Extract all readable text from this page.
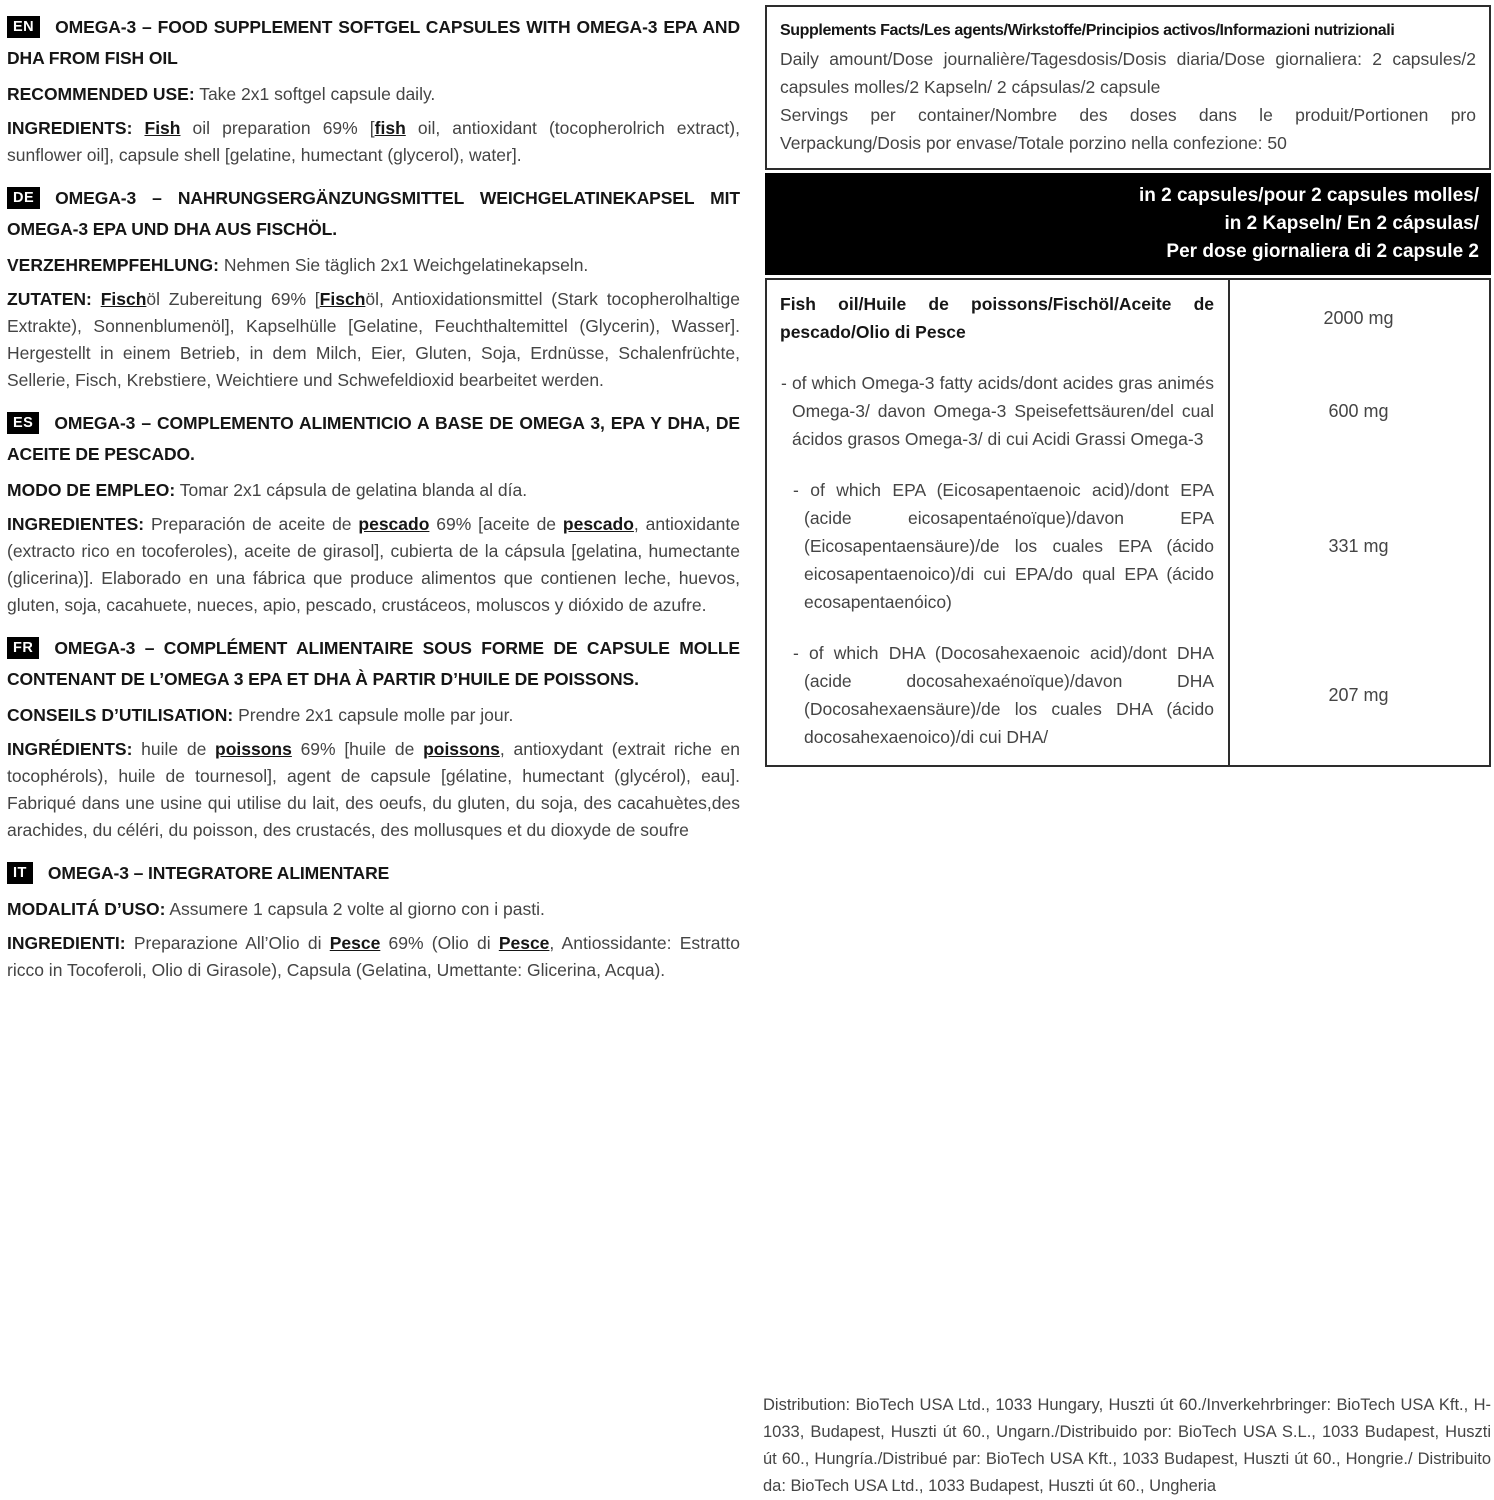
EN OMEGA-3 – FOOD SUPPLEMENT SOFTGEL CAPSULES WITH OMEGA-3 EPA AND DHA FROM FISH OIL
RECOMMENDED USE: Take 2x1 softgel capsule daily.
INGREDIENTS: Fish oil preparation 69% [fish oil, antioxidant (tocopherolrich extract), sunflower oil], capsule shell [gelatine, humectant (glycerol), water].
DE OMEGA-3 – NAHRUNGSERGÄNZUNGSMITTEL WEICHGELATINEKAPSEL MIT OMEGA-3 EPA UND DHA AUS FISCHÖL.
VERZEHREMPFEHLUNG: Nehmen Sie täglich 2x1 Weichgelatinekapseln.
ZUTATEN: Fischöl Zubereitung 69% [Fischöl, Antioxidationsmittel (Stark tocopherolhaltige Extrakte), Sonnenblumenöl], Kapselhülle [Gelatine, Feuchthaltemittel (Glycerin), Wasser]. Hergestellt in einem Betrieb, in dem Milch, Eier, Gluten, Soja, Erdnüsse, Schalenfrüchte, Sellerie, Fisch, Krebstiere, Weichtiere und Schwefeldioxid bearbeitet werden.
ES OMEGA-3 – COMPLEMENTO ALIMENTICIO A BASE DE OMEGA 3, EPA Y DHA, DE ACEITE DE PESCADO.
MODO DE EMPLEO: Tomar 2x1 cápsula de gelatina blanda al día.
INGREDIENTES: Preparación de aceite de pescado 69% [aceite de pescado, antioxidante (extracto rico en tocoferoles), aceite de girasol], cubierta de la cápsula [gelatina, humectante (glicerina)]. Elaborado en una fábrica que produce alimentos que contienen leche, huevos, gluten, soja, cacahuete, nueces, apio, pescado, crustáceos, moluscos y dióxido de azufre.
FR OMEGA-3 – COMPLÉMENT ALIMENTAIRE SOUS FORME DE CAPSULE MOLLE CONTENANT DE L’OMEGA 3 EPA ET DHA À PARTIR D’HUILE DE POISSONS.
CONSEILS D’UTILISATION: Prendre 2x1 capsule molle par jour.
INGRÉDIENTS: huile de poissons 69% [huile de poissons, antioxydant (extrait riche en tocophérols), huile de tournesol], agent de capsule [gélatine, humectant (glycérol), eau]. Fabriqué dans une usine qui utilise du lait, des oeufs, du gluten, du soja, des cacahuètes,des arachides, du céléri, du poisson, des crustacés, des mollusques et du dioxyde de soufre
IT OMEGA-3 – INTEGRATORE ALIMENTARE
MODALITÁ D’USO: Assumere 1 capsula 2 volte al giorno con i pasti.
INGREDIENTI: Preparazione All’Olio di Pesce 69% (Olio di Pesce, Antiossidante: Estratto ricco in Tocoferoli, Olio di Girasole), Capsula (Gelatina, Umettante: Glicerina, Acqua).
Supplements Facts/Les agents/Wirkstoffe/Principios activos/Informazioni nutrizionali
Daily amount/Dose journalière/Tagesdosis/Dosis diaria/Dose giornaliera: 2 capsules/2 capsules molles/2 Kapseln/ 2 cápsulas/2 capsule
Servings per container/Nombre des doses dans le produit/Portionen pro Verpackung/Dosis por envase/Totale porzino nella confezione: 50
in 2 capsules/pour 2 capsules molles/
in 2 Kapseln/ En 2 cápsulas/
Per dose giornaliera di 2 capsule 2
Fish oil/Huile de poissons/Fischöl/Aceite de pescado/Olio di Pesce
2000 mg
- of which Omega-3 fatty acids/dont acides gras animés Omega-3/ davon Omega-3 Speisefettsäuren/del cual ácidos grasos Omega-3/ di cui Acidi Grassi Omega-3
600 mg
- of which EPA (Eicosapentaenoic acid)/dont EPA (acide eicosapentaénoïque)/davon EPA (Eicosapentaensäure)/de los cuales EPA (ácido eicosapentaenoico)/di cui EPA/do qual EPA (ácido ecosapentaenóico)
331 mg
- of which DHA (Docosahexaenoic acid)/dont DHA (acide docosahexaénoïque)/davon DHA (Docosahexaensäure)/de los cuales DHA (ácido docosahexaenoico)/di cui DHA/
207 mg
Distribution: BioTech USA Ltd., 1033 Hungary, Huszti út 60./Inverkehrbringer: BioTech USA Kft., H-1033, Budapest, Huszti út 60., Ungarn./Distribuido por: BioTech USA S.L., 1033 Budapest, Huszti út 60., Hungría./Distribué par: BioTech USA Kft., 1033 Budapest, Huszti út 60., Hongrie./ Distribuito da: BioTech USA Ltd., 1033 Budapest, Huszti út 60., Ungheria
